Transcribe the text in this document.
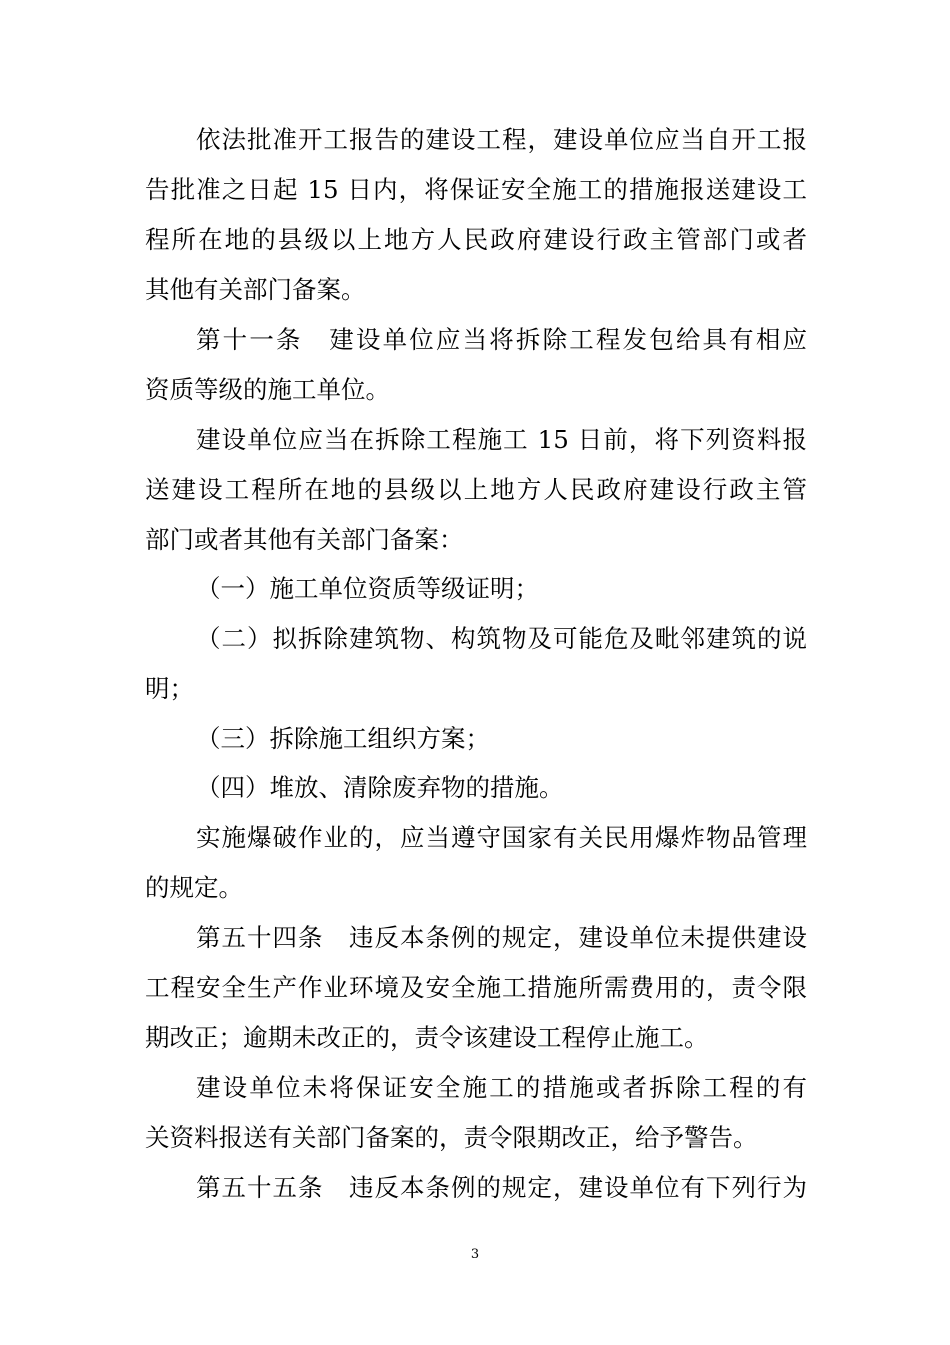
依法批准开工报告的建设工程，建设单位应当自开工报
告批准之日起 15 日内，将保证安全施工的措施报送建设工
程所在地的县级以上地方人民政府建设行政主管部门或者
其他有关部门备案。
第十一条　建设单位应当将拆除工程发包给具有相应
资质等级的施工单位。
建设单位应当在拆除工程施工 15 日前，将下列资料报
送建设工程所在地的县级以上地方人民政府建设行政主管
部门或者其他有关部门备案：
（一）施工单位资质等级证明；
（二）拟拆除建筑物、构筑物及可能危及毗邻建筑的说
明；
（三）拆除施工组织方案；
（四）堆放、清除废弃物的措施。
实施爆破作业的，应当遵守国家有关民用爆炸物品管理
的规定。
第五十四条　违反本条例的规定，建设单位未提供建设
工程安全生产作业环境及安全施工措施所需费用的，责令限
期改正；逾期未改正的，责令该建设工程停止施工。
建设单位未将保证安全施工的措施或者拆除工程的有
关资料报送有关部门备案的，责令限期改正，给予警告。
第五十五条　违反本条例的规定，建设单位有下列行为
3
